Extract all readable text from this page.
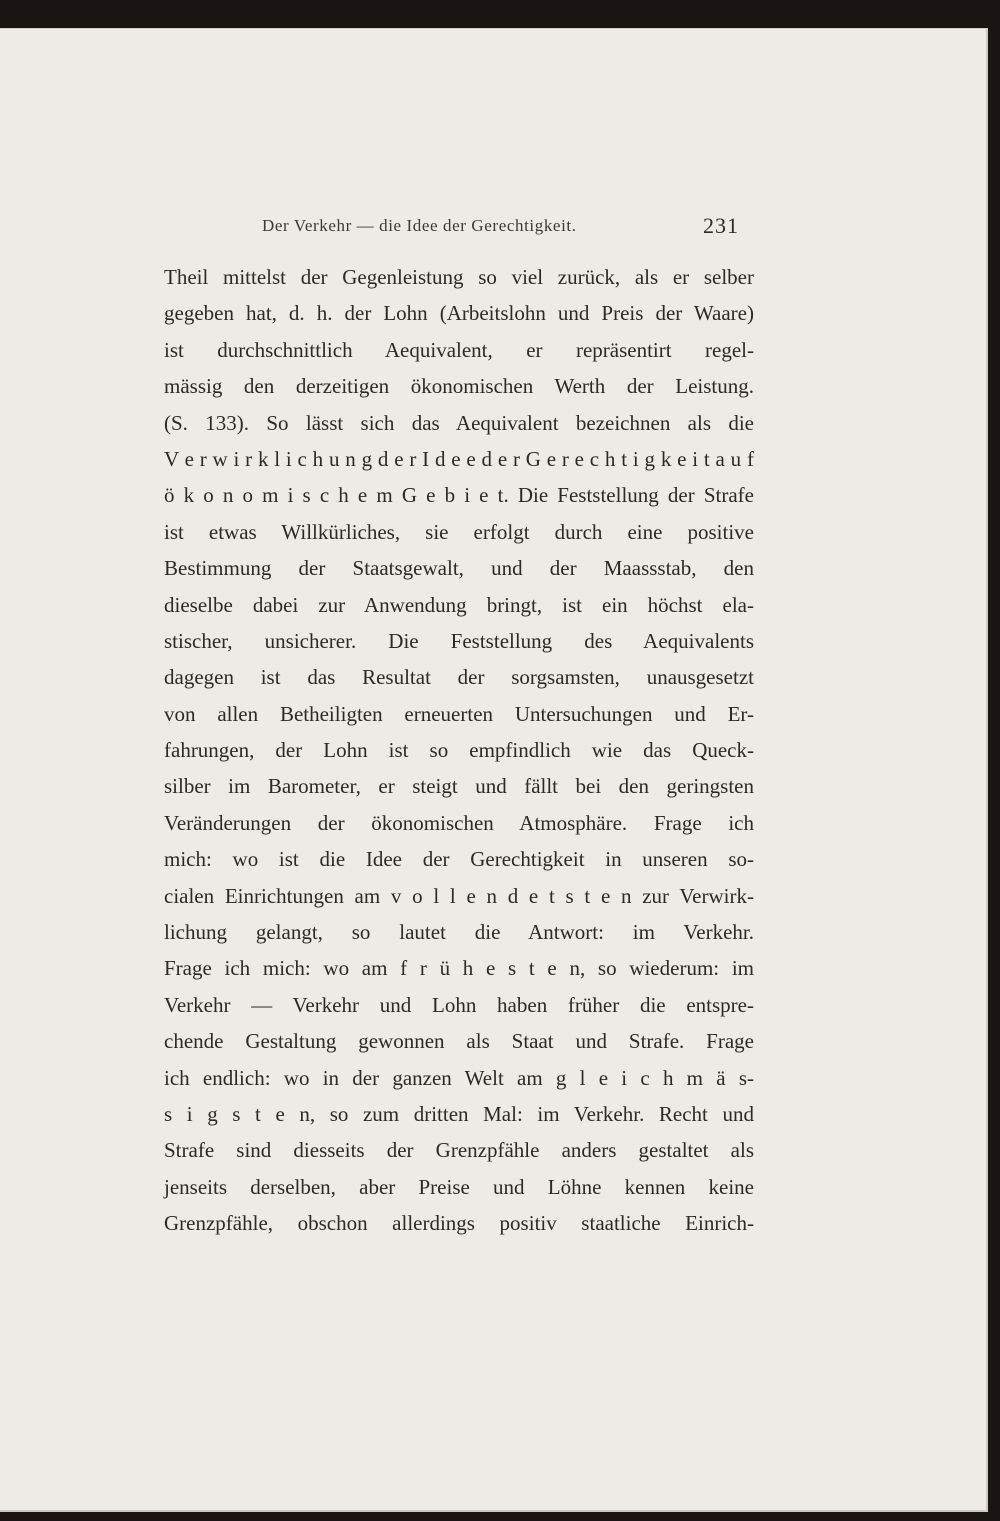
Der Verkehr — die Idee der Gerechtigkeit.	231
Theil mittelst der Gegenleistung so viel zurück, als er selber
gegeben hat, d. h. der Lohn (Arbeitslohn und Preis der Waare)
ist durchschnittlich Aequivalent, er repräsentirt regel-
mässig den derzeitigen ökonomischen Werth der Leistung.
(S. 133). So lässt sich das Aequivalent bezeichnen als die
V e r w i r k l i c h u n g d e r I d e e d e r G e r e c h t i g k e i t a u f
ö k o n o m i s c h e m G e b i e t. Die Feststellung der Strafe
ist etwas Willkürliches, sie erfolgt durch eine positive
Bestimmung der Staatsgewalt, und der Maassstab, den
dieselbe dabei zur Anwendung bringt, ist ein höchst ela-
stischer, unsicherer. Die Feststellung des Aequivalents
dagegen ist das Resultat der sorgsamsten, unausgesetzt
von allen Betheiligten erneuerten Untersuchungen und Er-
fahrungen, der Lohn ist so empfindlich wie das Queck-
silber im Barometer, er steigt und fällt bei den geringsten
Veränderungen der ökonomischen Atmosphäre. Frage ich
mich: wo ist die Idee der Gerechtigkeit in unseren so-
cialen Einrichtungen am v o l l e n d e t s t e n zur Verwirk-
lichung gelangt, so lautet die Antwort: im Verkehr.
Frage ich mich: wo am f r ü h e s t e n, so wiederum: im
Verkehr — Verkehr und Lohn haben früher die entspre-
chende Gestaltung gewonnen als Staat und Strafe. Frage
ich endlich: wo in der ganzen Welt am g l e i c h m ä s-
s i g s t e n, so zum dritten Mal: im Verkehr. Recht und
Strafe sind diesseits der Grenzpfähle anders gestaltet als
jenseits derselben, aber Preise und Löhne kennen keine
Grenzpfähle, obschon allerdings positiv staatliche Einrich-
